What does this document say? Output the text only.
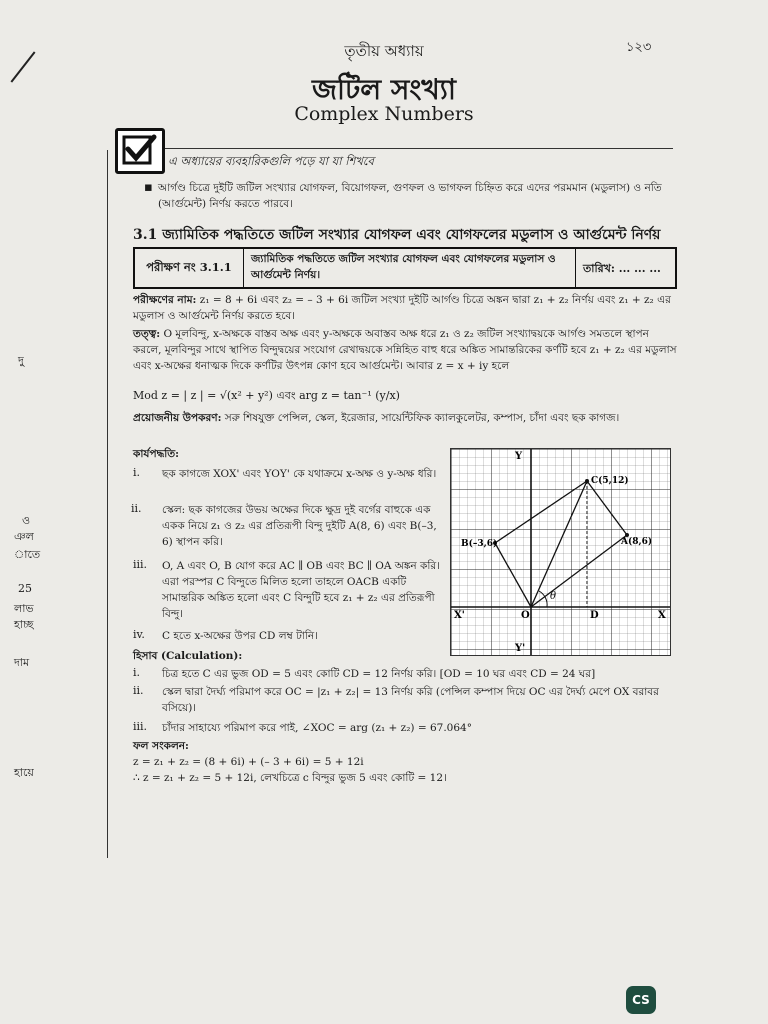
১২৩
তৃতীয় অধ্যায়
জটিল সংখ্যা
Complex Numbers
দু
ও
ঞল
াতে
25
লাভ
হাচ্ছ
দাম
হায়ে
এ অধ্যায়ের ব্যবহারিকগুলি পড়ে যা যা শিখবে
▪ আর্গণ্ড চিত্রে দুইটি জটিল সংখ্যার যোগফল, বিয়োগফল, গুণফল ও ভাগফল চিহ্নিত করে এদের পরমমান (মডুলাস) ও নতি (আর্গুমেন্ট) নির্ণয় করতে পারবে।
3.1 জ্যামিতিক পদ্ধতিতে জটিল সংখ্যার যোগফল এবং যোগফলের মডুলাস ও আর্গুমেন্ট নির্ণয়
পরীক্ষণ নং 3.1.1
জ্যামিতিক পদ্ধতিতে জটিল সংখ্যার যোগফল এবং যোগফলের মডুলাস ও আর্গুমেন্ট নির্ণয়।	তারিখ: ... ... ...
পরীক্ষণের নাম: z₁ = 8 + 6i এবং z₂ = – 3 + 6i জটিল সংখ্যা দুইটি আর্গণ্ড চিত্রে অঙ্কন দ্বারা z₁ + z₂ নির্ণয় এবং z₁ + z₂ এর মডুলাস ও আর্গুমেন্ট নির্ণয় করতে হবে।
তত্ত্ব: O মূলবিন্দু, x-অক্ষকে বাস্তব অক্ষ এবং y-অক্ষকে অবাস্তব অক্ষ ধরে z₁ ও z₂ জটিল সংখ্যাদ্বয়কে আর্গণ্ড সমতলে স্থাপন করলে, মূলবিন্দুর সাথে স্থাপিত বিন্দুদ্বয়ের সংযোগ রেখাদ্বয়কে সন্নিহিত বাহু ধরে অঙ্কিত সামান্তরিকের কর্ণটি হবে z₁ + z₂ এর মডুলাস এবং x-অক্ষের ধনাত্মক দিকে কর্ণটির উৎপন্ন কোণ হবে আর্গুমেন্ট। আবার z = x + iy হলে
Mod z = | z | = √(x² + y²) এবং arg z = tan⁻¹ (y/x)
প্রয়োজনীয় উপকরণ: সরু শিষযুক্ত পেন্সিল, স্কেল, ইরেজার, সায়েন্টিফিক ক্যালকুলেটর, কম্পাস, চাঁদা এবং ছক কাগজ।
কার্যপদ্ধতি:
i. ছক কাগজে XOX' এবং YOY' কে যথাক্রমে x-অক্ষ ও y-অক্ষ ধরি।
ii. স্কেল: ছক কাগজের উভয় অক্ষের দিকে ক্ষুদ্র দুই বর্গের বাহুকে এক একক নিয়ে z₁ ও z₂ এর প্রতিরূপী বিন্দু দুইটি A(8, 6) এবং B(–3, 6) স্থাপন করি।
iii. O, A এবং O, B যোগ করে AC ∥ OB এবং BC ∥ OA অঙ্কন করি। এরা পরস্পর C বিন্দুতে মিলিত হলো তাহলে OACB একটি সামান্তরিক অঙ্কিত হলো এবং C বিন্দুটি হবে z₁ + z₂ এর প্রতিরূপী বিন্দু।
iv. C হতে x-অক্ষের উপর CD লম্ব টানি।
Y
Y'
X
X'	O
A(8,6)
B(–3,6)
C(5,12)
D
θ
হিসাব (Calculation):
i. চিত্র হতে C এর ভুজ OD = 5 এবং কোটি CD = 12 নির্ণয় করি। [OD = 10 ঘর এবং CD = 24 ঘর]
ii. স্কেল দ্বারা দৈর্ঘ্য পরিমাপ করে OC = |z₁ + z₂| = 13 নির্ণয় করি (পেন্সিল কম্পাস দিয়ে OC এর দৈর্ঘ্য মেপে OX বরাবর বসিয়ে)।
iii. চাঁদার সাহায্যে পরিমাপ করে পাই, ∠XOC = arg (z₁ + z₂) = 67.064°
ফল সংকলন:
z = z₁ + z₂ = (8 + 6i) + (– 3 + 6i) = 5 + 12i
∴ z = z₁ + z₂ = 5 + 12i, লেখচিত্রে c বিন্দুর ভুজ 5 এবং কোটি = 12।
CS
